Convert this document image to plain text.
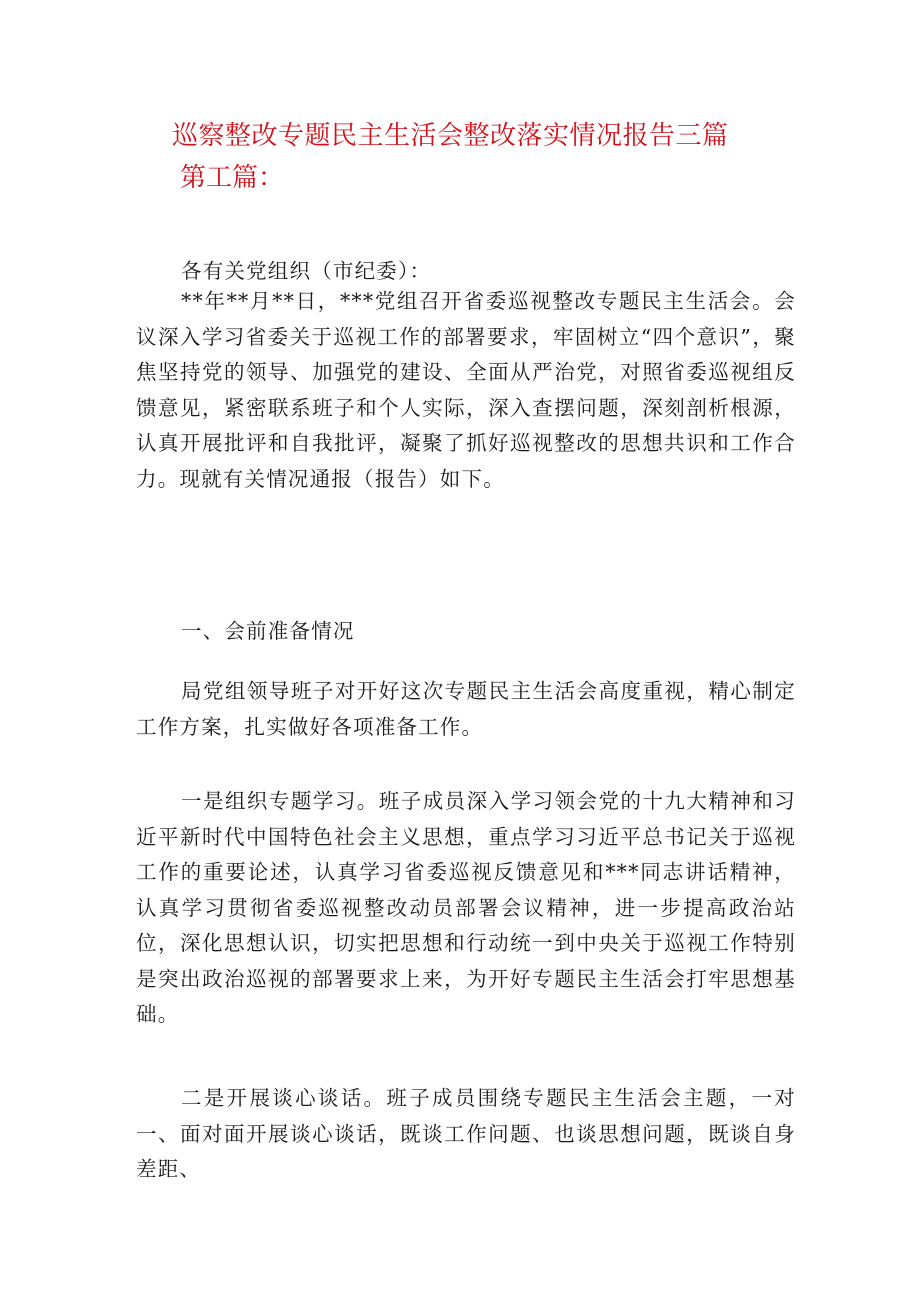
巡察整改专题民主生活会整改落实情况报告三篇
第工篇：

各有关党组织（市纪委）：

**年**月**日，***党组召开省委巡视整改专题民主生活会。会议深入学习省委关于巡视工作的部署要求，牢固树立“四个意识”，聚焦坚持党的领导、加强党的建设、全面从严治党，对照省委巡视组反馈意见，紧密联系班子和个人实际，深入查摆问题，深刻剖析根源，认真开展批评和自我批评，凝聚了抓好巡视整改的思想共识和工作合力。现就有关情况通报（报告）如下。

一、会前准备情况

局党组领导班子对开好这次专题民主生活会高度重视，精心制定工作方案，扎实做好各项准备工作。

一是组织专题学习。班子成员深入学习领会党的十九大精神和习近平新时代中国特色社会主义思想，重点学习习近平总书记关于巡视工作的重要论述，认真学习省委巡视反馈意见和***同志讲话精神，认真学习贯彻省委巡视整改动员部署会议精神，进一步提高政治站位，深化思想认识，切实把思想和行动统一到中央关于巡视工作特别是突出政治巡视的部署要求上来，为开好专题民主生活会打牢思想基础。

二是开展谈心谈话。班子成员围绕专题民主生活会主题，一对一、面对面开展谈心谈话，既谈工作问题、也谈思想问题，既谈自身差距、
